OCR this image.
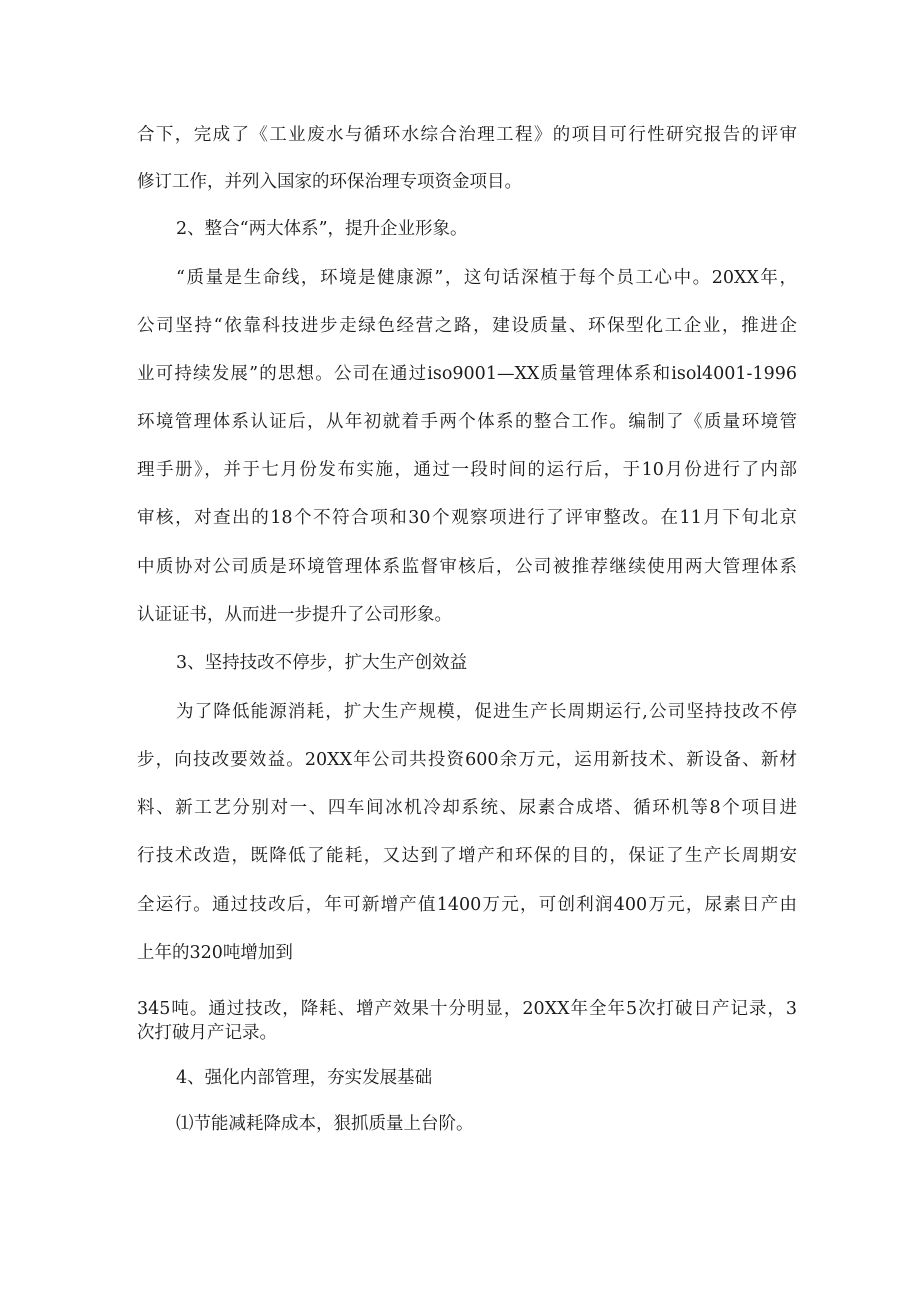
合下，完成了《工业废水与循环水综合治理工程》的项目可行性研究报告的评审
修订工作，并列入国家的环保治理专项资金项目。
2、整合“两大体系”，提升企业形象。
“质量是生命线，环境是健康源”，这句话深植于每个员工心中。20XX年，
公司坚持“依靠科技进步走绿色经营之路，建设质量、环保型化工企业，推进企
业可持续发展”的思想。公司在通过iso9001—XX质量管理体系和isol4001-1996
环境管理体系认证后，从年初就着手两个体系的整合工作。编制了《质量环境管
理手册》，并于七月份发布实施，通过一段时间的运行后，于10月份进行了内部
审核，对查出的18个不符合项和30个观察项进行了评审整改。在11月下旬北京
中质协对公司质是环境管理体系监督审核后，公司被推荐继续使用两大管理体系
认证证书，从而进一步提升了公司形象。
3、坚持技改不停步，扩大生产创效益
为了降低能源消耗，扩大生产规模，促进生产长周期运行,公司坚持技改不停
步，向技改要效益。20XX年公司共投资600余万元，运用新技术、新设备、新材
料、新工艺分别对一、四车间冰机冷却系统、尿素合成塔、循环机等8个项目进
行技术改造，既降低了能耗，又达到了增产和环保的目的，保证了生产长周期安
全运行。通过技改后，年可新增产值1400万元，可创利润400万元，尿素日产由
上年的320吨增加到
345吨。通过技改，降耗、增产效果十分明显，20XX年全年5次打破日产记录，3
次打破月产记录。
4、强化内部管理，夯实发展基础
⑴节能减耗降成本，狠抓质量上台阶。
